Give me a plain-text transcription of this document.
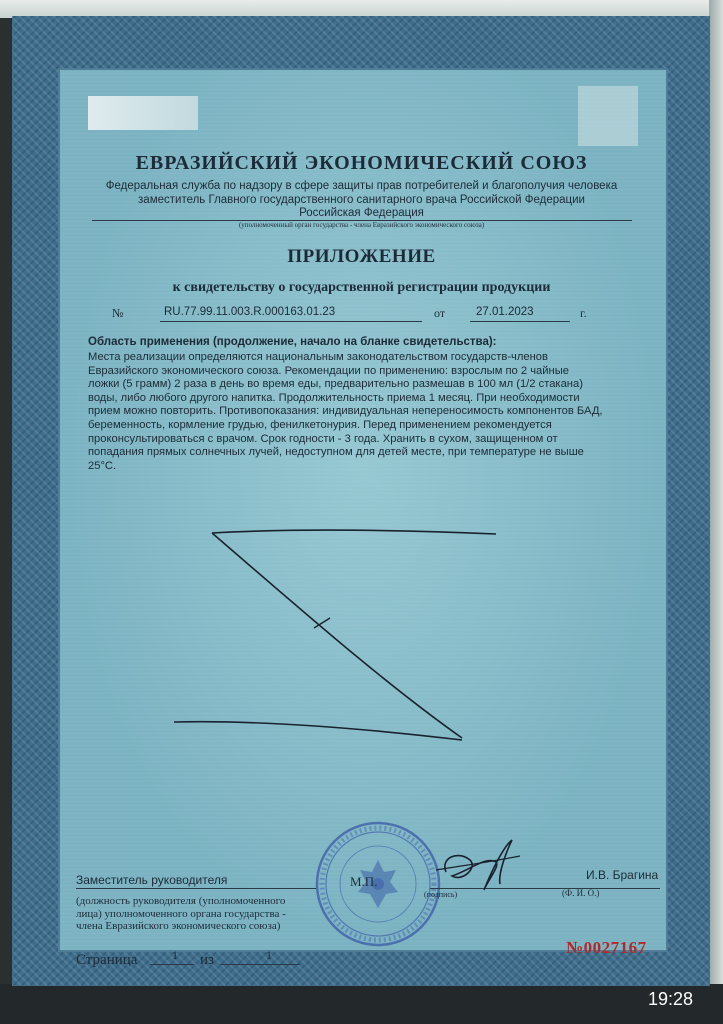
ЕВРАЗИЙСКИЙ ЭКОНОМИЧЕСКИЙ СОЮЗ
Федеральная служба по надзору в сфере защиты прав потребителей и благополучия человека
заместитель Главного государственного санитарного врача Российской Федерации
Российская Федерация
(уполномоченный орган государства - члена Евразийского экономического союза)
ПРИЛОЖЕНИЕ
к свидетельству о государственной регистрации продукции
№	RU.77.99.11.003.R.000163.01.23	от	27.01.2023	г.
Область применения (продолжение, начало на бланке свидетельства):
Места реализации определяются национальным законодательством государств-членов
Евразийского экономического союза. Рекомендации по применению: взрослым по 2 чайные
ложки (5 грамм) 2 раза в день во время еды, предварительно размешав в 100 мл (1/2 стакана)
воды, либо любого другого напитка. Продолжительность приема 1 месяц. При необходимости
прием можно повторить. Противопоказания: индивидуальная непереносимость компонентов БАД,
беременность, кормление грудью, фенилкетонурия. Перед применением рекомендуется
проконсультироваться с врачом. Срок годности - 3 года. Хранить в сухом, защищенном от
попадания прямых солнечных лучей, недоступном для детей месте, при температуре не выше
25°С.
Заместитель руководителя	М.П.
(подпись)
И.В. Брагина
(Ф. И. О.)
(должность руководителя (уполномоченного
лица) уполномоченного органа государства -
члена Евразийского экономического союза)
Страница	1 из	1	№0027167
19:28
